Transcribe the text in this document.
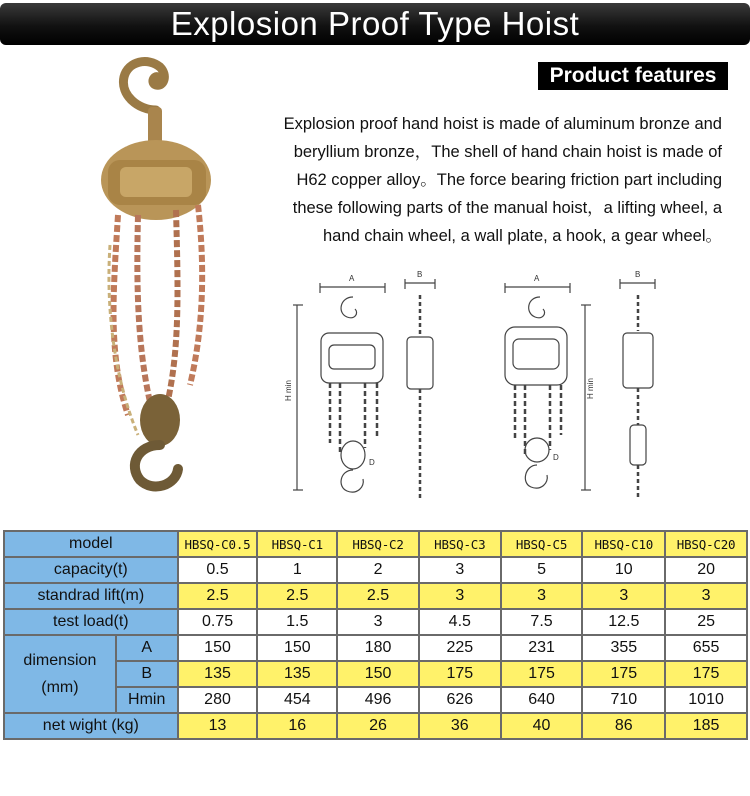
Explosion Proof Type Hoist
Product features
Explosion proof hand hoist is made of aluminum bronze and
beryllium bronze，The shell of hand chain hoist is made of
H62 copper alloy。The force bearing friction part including
these following parts of the manual hoist，a lifting wheel, a
hand chain wheel, a wall plate, a hook, a gear wheel。
A	B	A	B
H min	H min
D
D
model		HBSQ-C0.5	HBSQ-C1	HBSQ-C2	HBSQ-C3	HBSQ-C5	HBSQ-C10	HBSQ-C20
capacity(t)		0.5	1	2	3	5	10	20
standrad lift(m)		2.5	2.5	2.5	3	3	3	3
test load(t)		0.75	1.5	3	4.5	7.5	12.5	25

dimension
(mm)	A	150	150	180	225	231	355	655
	B	135	135	150	175	175	175	175
	Hmin	280	454	496	626	640	710	1010
net wight (kg)		13	16	26	36	40	86	185
